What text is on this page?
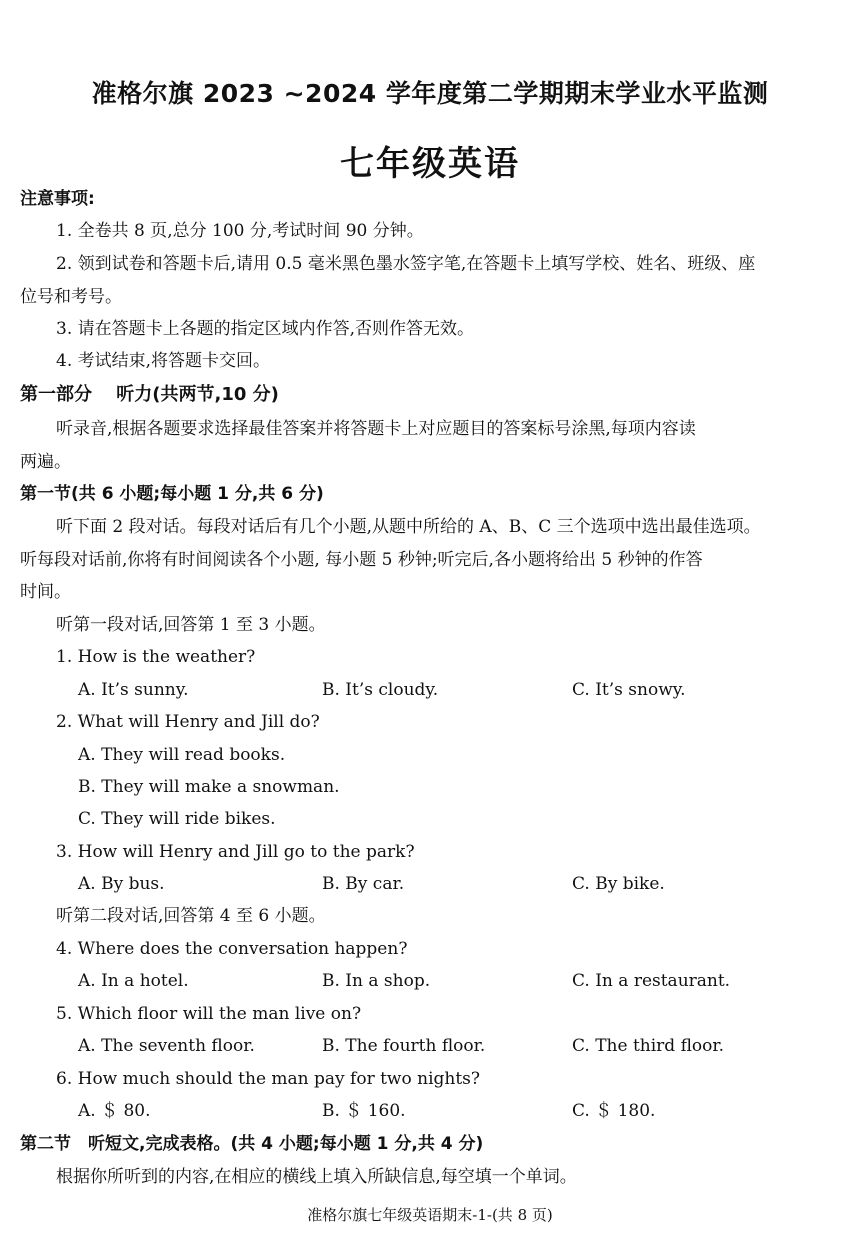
准格尔旗 2023 ~2024 学年度第二学期期末学业水平监测
七年级英语
注意事项:
1. 全卷共 8 页,总分 100 分,考试时间 90 分钟。
2. 领到试卷和答题卡后,请用 0.5 毫米黑色墨水签字笔,在答题卡上填写学校、姓名、班级、座
位号和考号。
3. 请在答题卡上各题的指定区域内作答,否则作答无效。
4. 考试结束,将答题卡交回。
第一部分　 听力(共两节,10 分)
听录音,根据各题要求选择最佳答案并将答题卡上对应题目的答案标号涂黑,每项内容读
两遍。
第一节(共 6 小题;每小题 1 分,共 6 分)
听下面 2 段对话。每段对话后有几个小题,从题中所给的 A、B、C 三个选项中选出最佳选项。
听每段对话前,你将有时间阅读各个小题, 每小题 5 秒钟;听完后,各小题将给出 5 秒钟的作答
时间。
听第一段对话,回答第 1 至 3 小题。
1. How is the weather?
A. It’s sunny.	B. It’s cloudy.	C. It’s snowy.
2. What will Henry and Jill do?
A. They will read books.
B. They will make a snowman.
C. They will ride bikes.
3. How will Henry and Jill go to the park?
A. By bus.	B. By car.	C. By bike.
听第二段对话,回答第 4 至 6 小题。
4. Where does the conversation happen?
A. In a hotel.	B. In a shop.	C. In a restaurant.
5. Which floor will the man live on?
A. The seventh floor.	B. The fourth floor.	C. The third floor.
6. How much should the man pay for two nights?
A. ＄ 80.	B. ＄ 160.	C. ＄ 180.
第二节　听短文,完成表格。(共 4 小题;每小题 1 分,共 4 分)
根据你所听到的内容,在相应的横线上填入所缺信息,每空填一个单词。
准格尔旗七年级英语期末-1-(共 8 页)
